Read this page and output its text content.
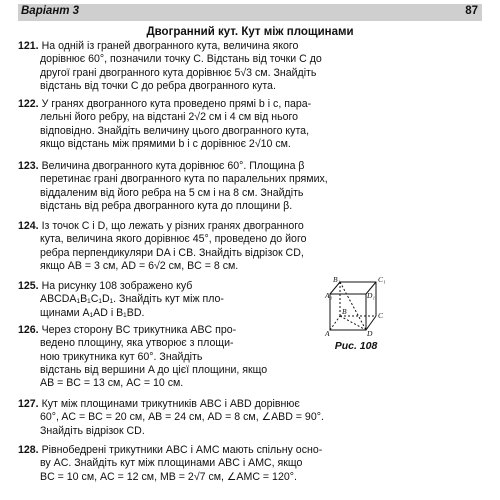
Варіант 3	87
Двогранний кут. Кут між площинами
121. На одній із граней двогранного кута, величина якого
дорівнює 60°, позначили точку C. Відстань від точки C до
другої грані двогранного кута дорівнює 5√3 см. Знайдіть
відстань від точки C до ребра двогранного кута.
122. У гранях двогранного кута проведено прямі b і c, пара-
лельні його ребру, на відстані 2√2 см і 4 см від нього
відповідно. Знайдіть величину цього двогранного кута,
якщо відстань між прямими b і c дорівнює 2√10 см.
123. Величина двогранного кута дорівнює 60°. Площина β
перетинає грані двогранного кута по паралельних прямих,
віддаленим від його ребра на 5 см і на 8 см. Знайдіть
відстань від ребра двогранного кута до площини β.
124. Із точок C і D, що лежать у різних гранях двогранного
кута, величина якого дорівнює 45°, проведено до його
ребра перпендикуляри DA і CB. Знайдіть відрізок CD,
якщо AB = 3 см, AD = 6√2 см, BC = 8 см.
125. На рисунку 108 зображено куб
ABCDA₁B₁C₁D₁. Знайдіть кут між пло-
щинами A₁AD і B₁BD.
126. Через сторону BC трикутника ABC про-
ведено площину, яка утворює з площи-
ною трикутника кут 60°. Знайдіть
відстань від вершини A до цієї площини, якщо
AB = BC = 13 см, AC = 10 см.
127. Кут між площинами трикутників ABC і ABD дорівнює
60°, AC = BC = 20 см, AB = 24 см, AD = 8 см, ∠ABD = 90°.
Знайдіть відрізок CD.
128. Рівнобедрені трикутники ABC і AMC мають спільну осно-
ву AC. Знайдіть кут між площинами ABC і AMC, якщо
BC = 10 см, AC = 12 см, MB = 2√7 см, ∠AMC = 120°.
B₁	C₁
A₁	D₁
B	C
A	D
Рис. 108
